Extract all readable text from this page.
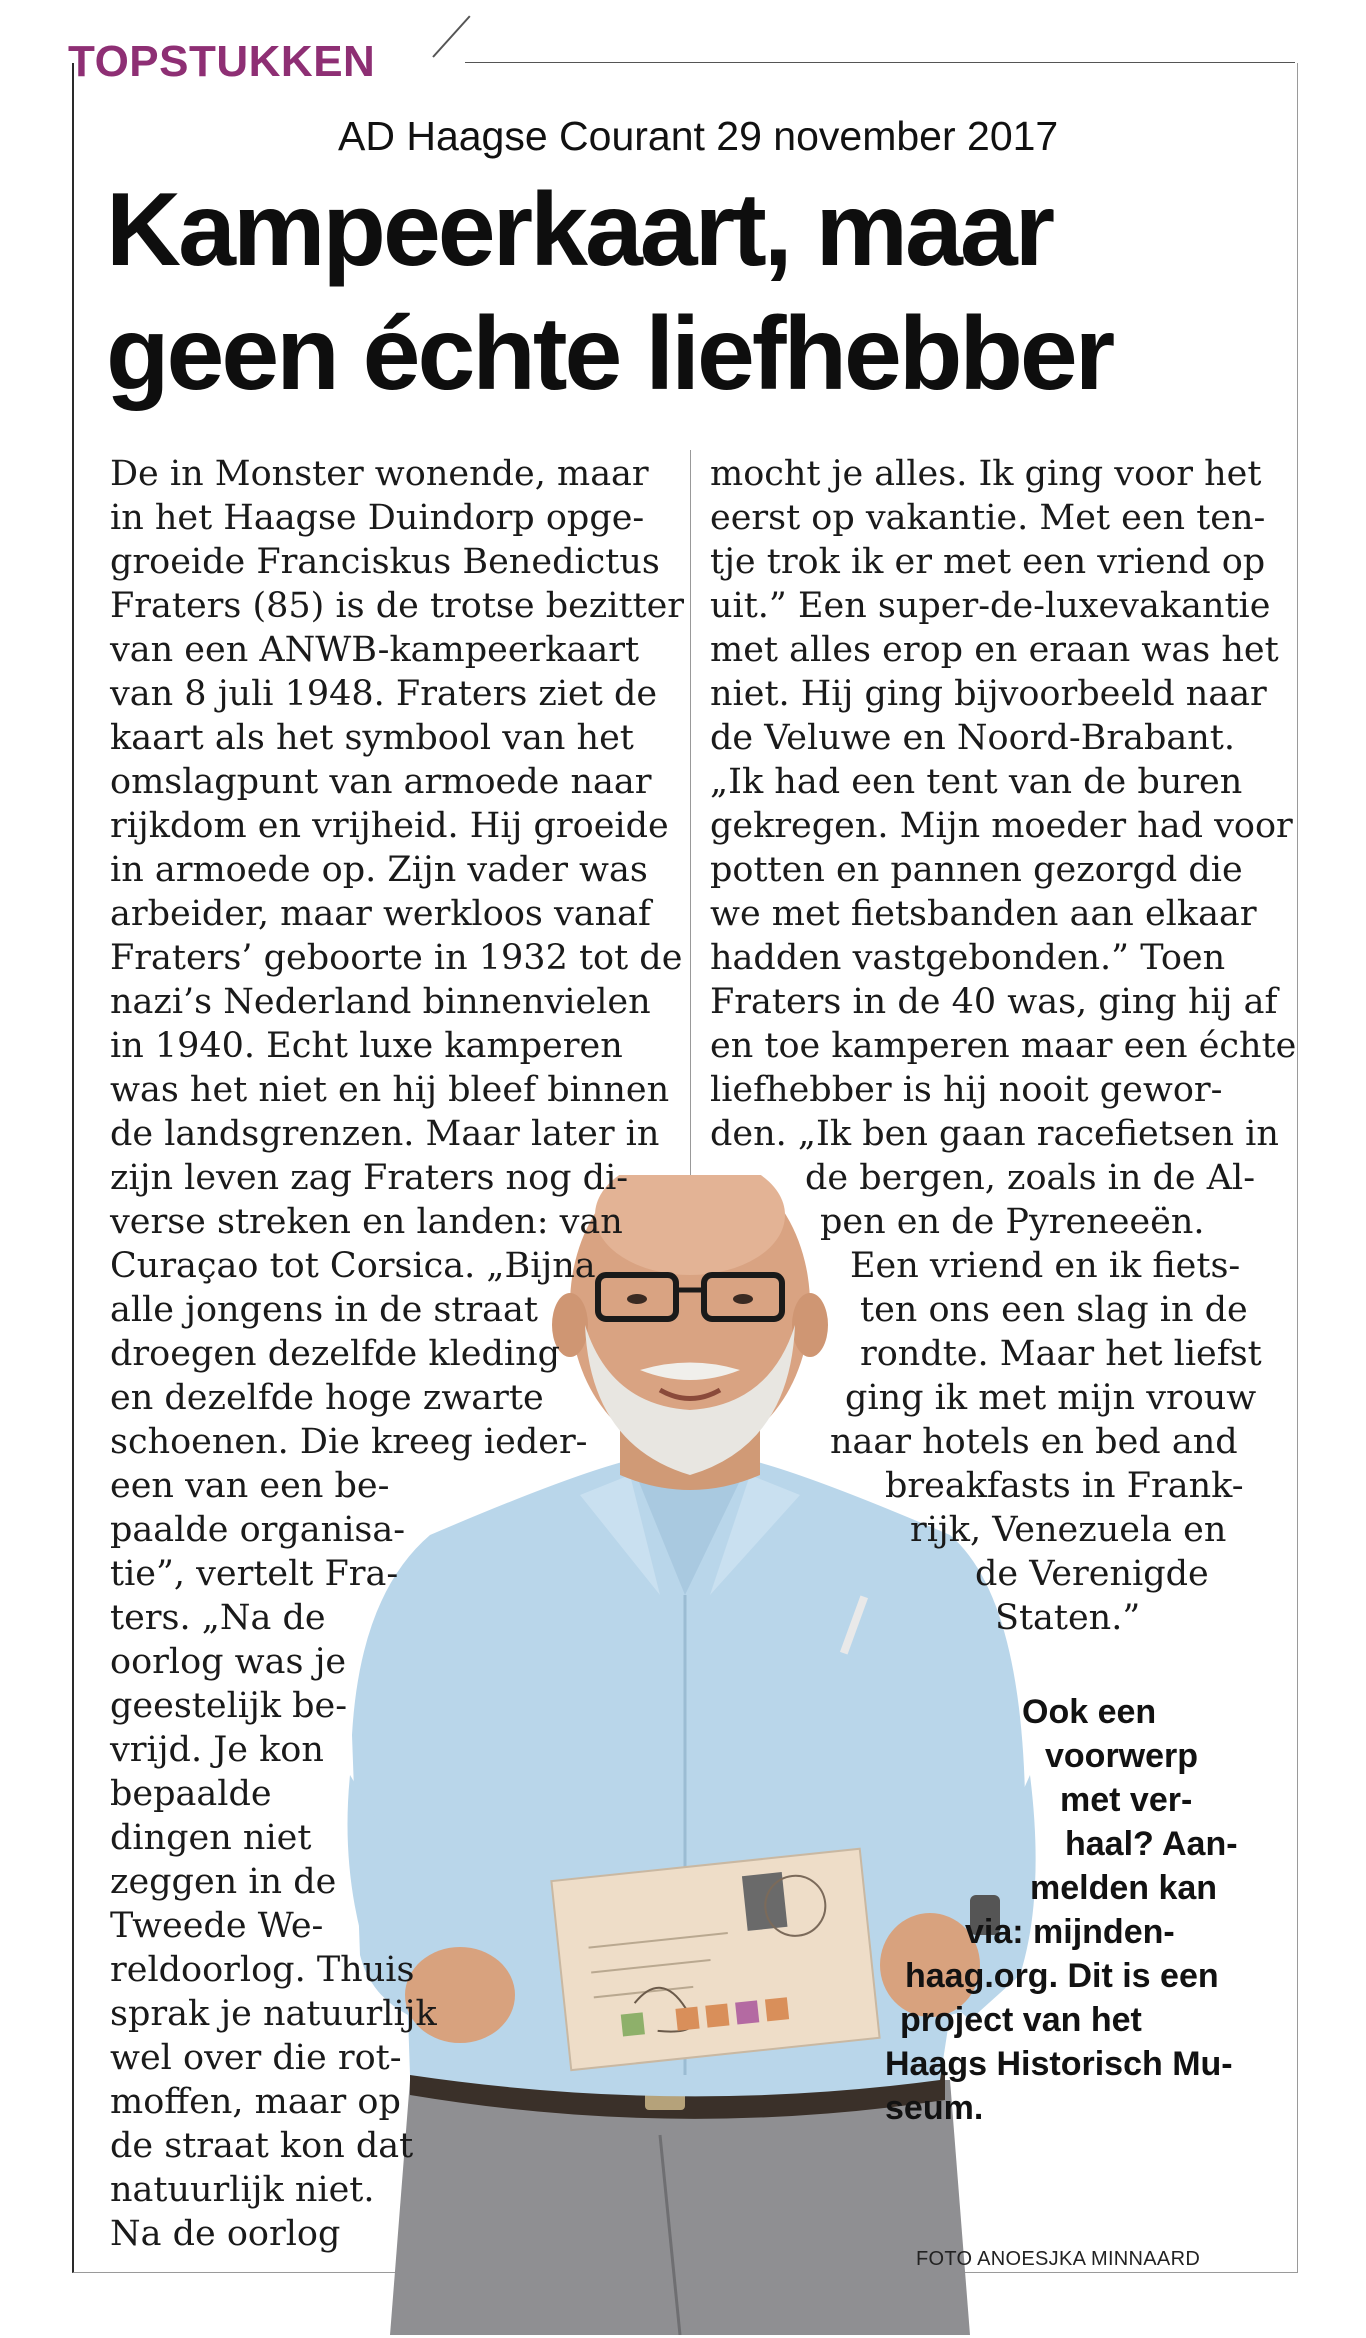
TOPSTUKKEN
AD Haagse Courant 29 november 2017
Kampeerkaart, maar
geen échte liefhebber
De in Monster wonende, maar
in het Haagse Duindorp opge-
groeide Franciskus Benedictus
Fraters (85) is de trotse bezitter
van een ANWB-kampeerkaart
van 8 juli 1948. Fraters ziet de
kaart als het symbool van het
omslagpunt van armoede naar
rijkdom en vrijheid. Hij groeide
in armoede op. Zijn vader was
arbeider, maar werkloos vanaf
Fraters’ geboorte in 1932 tot de
nazi’s Nederland binnenvielen
in 1940. Echt luxe kamperen
was het niet en hij bleef binnen
de landsgrenzen. Maar later in
zijn leven zag Fraters nog di-
verse streken en landen: van
Curaçao tot Corsica. „Bijna
alle jongens in de straat
droegen dezelfde kleding
en dezelfde hoge zwarte
schoenen. Die kreeg ieder-
een van een be-
paalde organisa-
tie”, vertelt Fra-
ters. „Na de
oorlog was je
geestelijk be-
vrijd. Je kon
bepaalde
dingen niet
zeggen in de
Tweede We-
reldoorlog. Thuis
sprak je natuurlijk
wel over die rot-
moffen, maar op
de straat kon dat
natuurlijk niet.
Na de oorlog
mocht je alles. Ik ging voor het
eerst op vakantie. Met een ten-
tje trok ik er met een vriend op
uit.” Een super-de-luxevakantie
met alles erop en eraan was het
niet. Hij ging bijvoorbeeld naar
de Veluwe en Noord-Brabant.
„Ik had een tent van de buren
gekregen. Mijn moeder had voor
potten en pannen gezorgd die
we met fietsbanden aan elkaar
hadden vastgebonden.” Toen
Fraters in de 40 was, ging hij af
en toe kamperen maar een échte
liefhebber is hij nooit gewor-
den. „Ik ben gaan racefietsen in
de bergen, zoals in de Al-
pen en de Pyreneeën.
Een vriend en ik fiets-
ten ons een slag in de
rondte. Maar het liefst
ging ik met mijn vrouw
naar hotels en bed and
breakfasts in Frank-
rijk, Venezuela en
de Verenigde
Staten.”
Ook een
voorwerp
met ver-
haal? Aan-
melden kan
via: mijnden-
haag.org. Dit is een
project van het
Haags Historisch Mu-
seum.
FOTO ANOESJKA MINNAARD
